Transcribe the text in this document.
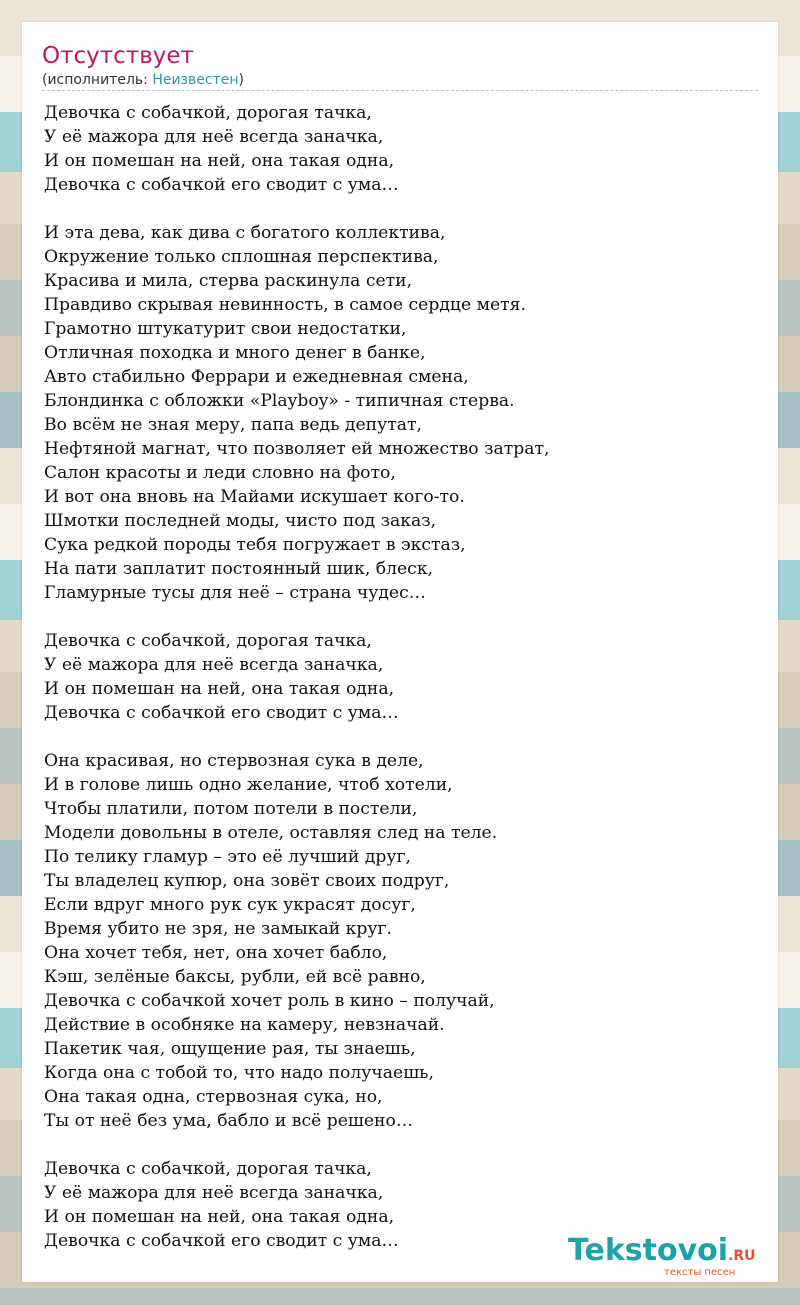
Отсутствует
(исполнитель: Неизвестен)
Девочка с собачкой, дорогая тачка,
У её мажора для неё всегда заначка,
И он помешан на ней, она такая одна,
Девочка с собачкой его сводит с ума…
И эта дева, как дива с богатого коллектива,
Окружение только сплошная перспектива,
Красива и мила, стерва раскинула сети,
Правдиво скрывая невинность, в самое сердце метя.
Грамотно штукатурит свои недостатки,
Отличная походка и много денег в банке,
Авто стабильно Феррари и ежедневная смена,
Блондинка с обложки «Playboy» - типичная стерва.
Во всём не зная меру, папа ведь депутат,
Нефтяной магнат, что позволяет ей множество затрат,
Салон красоты и леди словно на фото,
И вот она вновь на Майами искушает кого-то.
Шмотки последней моды, чисто под заказ,
Сука редкой породы тебя погружает в экстаз,
На пати заплатит постоянный шик, блеск,
Гламурные тусы для неё – страна чудес…
Девочка с собачкой, дорогая тачка,
У её мажора для неё всегда заначка,
И он помешан на ней, она такая одна,
Девочка с собачкой его сводит с ума…
Она красивая, но стервозная сука в деле,
И в голове лишь одно желание, чтоб хотели,
Чтобы платили, потом потели в постели,
Модели довольны в отеле, оставляя след на теле.
По телику гламур – это её лучший друг,
Ты владелец купюр, она зовёт своих подруг,
Если вдруг много рук сук украсят досуг,
Время убито не зря, не замыкай круг.
Она хочет тебя, нет, она хочет бабло,
Кэш, зелёные баксы, рубли, ей всё равно,
Девочка с собачкой хочет роль в кино – получай,
Действие в особняке на камеру, невзначай.
Пакетик чая, ощущение рая, ты знаешь,
Когда она с тобой то, что надо получаешь,
Она такая одна, стервозная сука, но,
Ты от неё без ума, бабло и всё решено…
Девочка с собачкой, дорогая тачка,
У её мажора для неё всегда заначка,
И он помешан на ней, она такая одна,
Девочка с собачкой его сводит с ума…	Tekstovoi.RU
тексты песен
